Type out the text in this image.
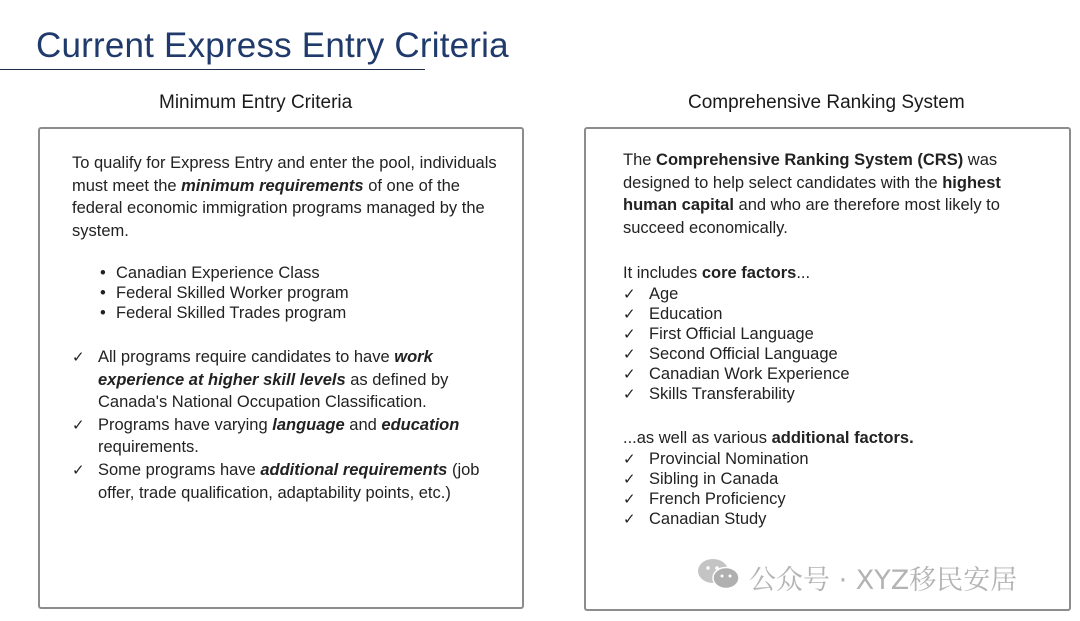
Current Express Entry Criteria
Minimum Entry Criteria
To qualify for Express Entry and enter the pool, individuals must meet the minimum requirements of one of the federal economic immigration programs managed by the system.
• Canadian Experience Class
• Federal Skilled Worker program
• Federal Skilled Trades program
✓ All programs require candidates to have work experience at higher skill levels as defined by Canada's National Occupation Classification.
✓ Programs have varying language and education requirements.
✓ Some programs have additional requirements (job offer, trade qualification, adaptability points, etc.)
Comprehensive Ranking System
The Comprehensive Ranking System (CRS) was designed to help select candidates with the highest human capital and who are therefore most likely to succeed economically.
It includes core factors...
✓ Age
✓ Education
✓ First Official Language
✓ Second Official Language
✓ Canadian Work Experience
✓ Skills Transferability
...as well as various additional factors.
✓ Provincial Nomination
✓ Sibling in Canada
✓ French Proficiency
✓ Canadian Study
公众号 · XYZ移民安居
